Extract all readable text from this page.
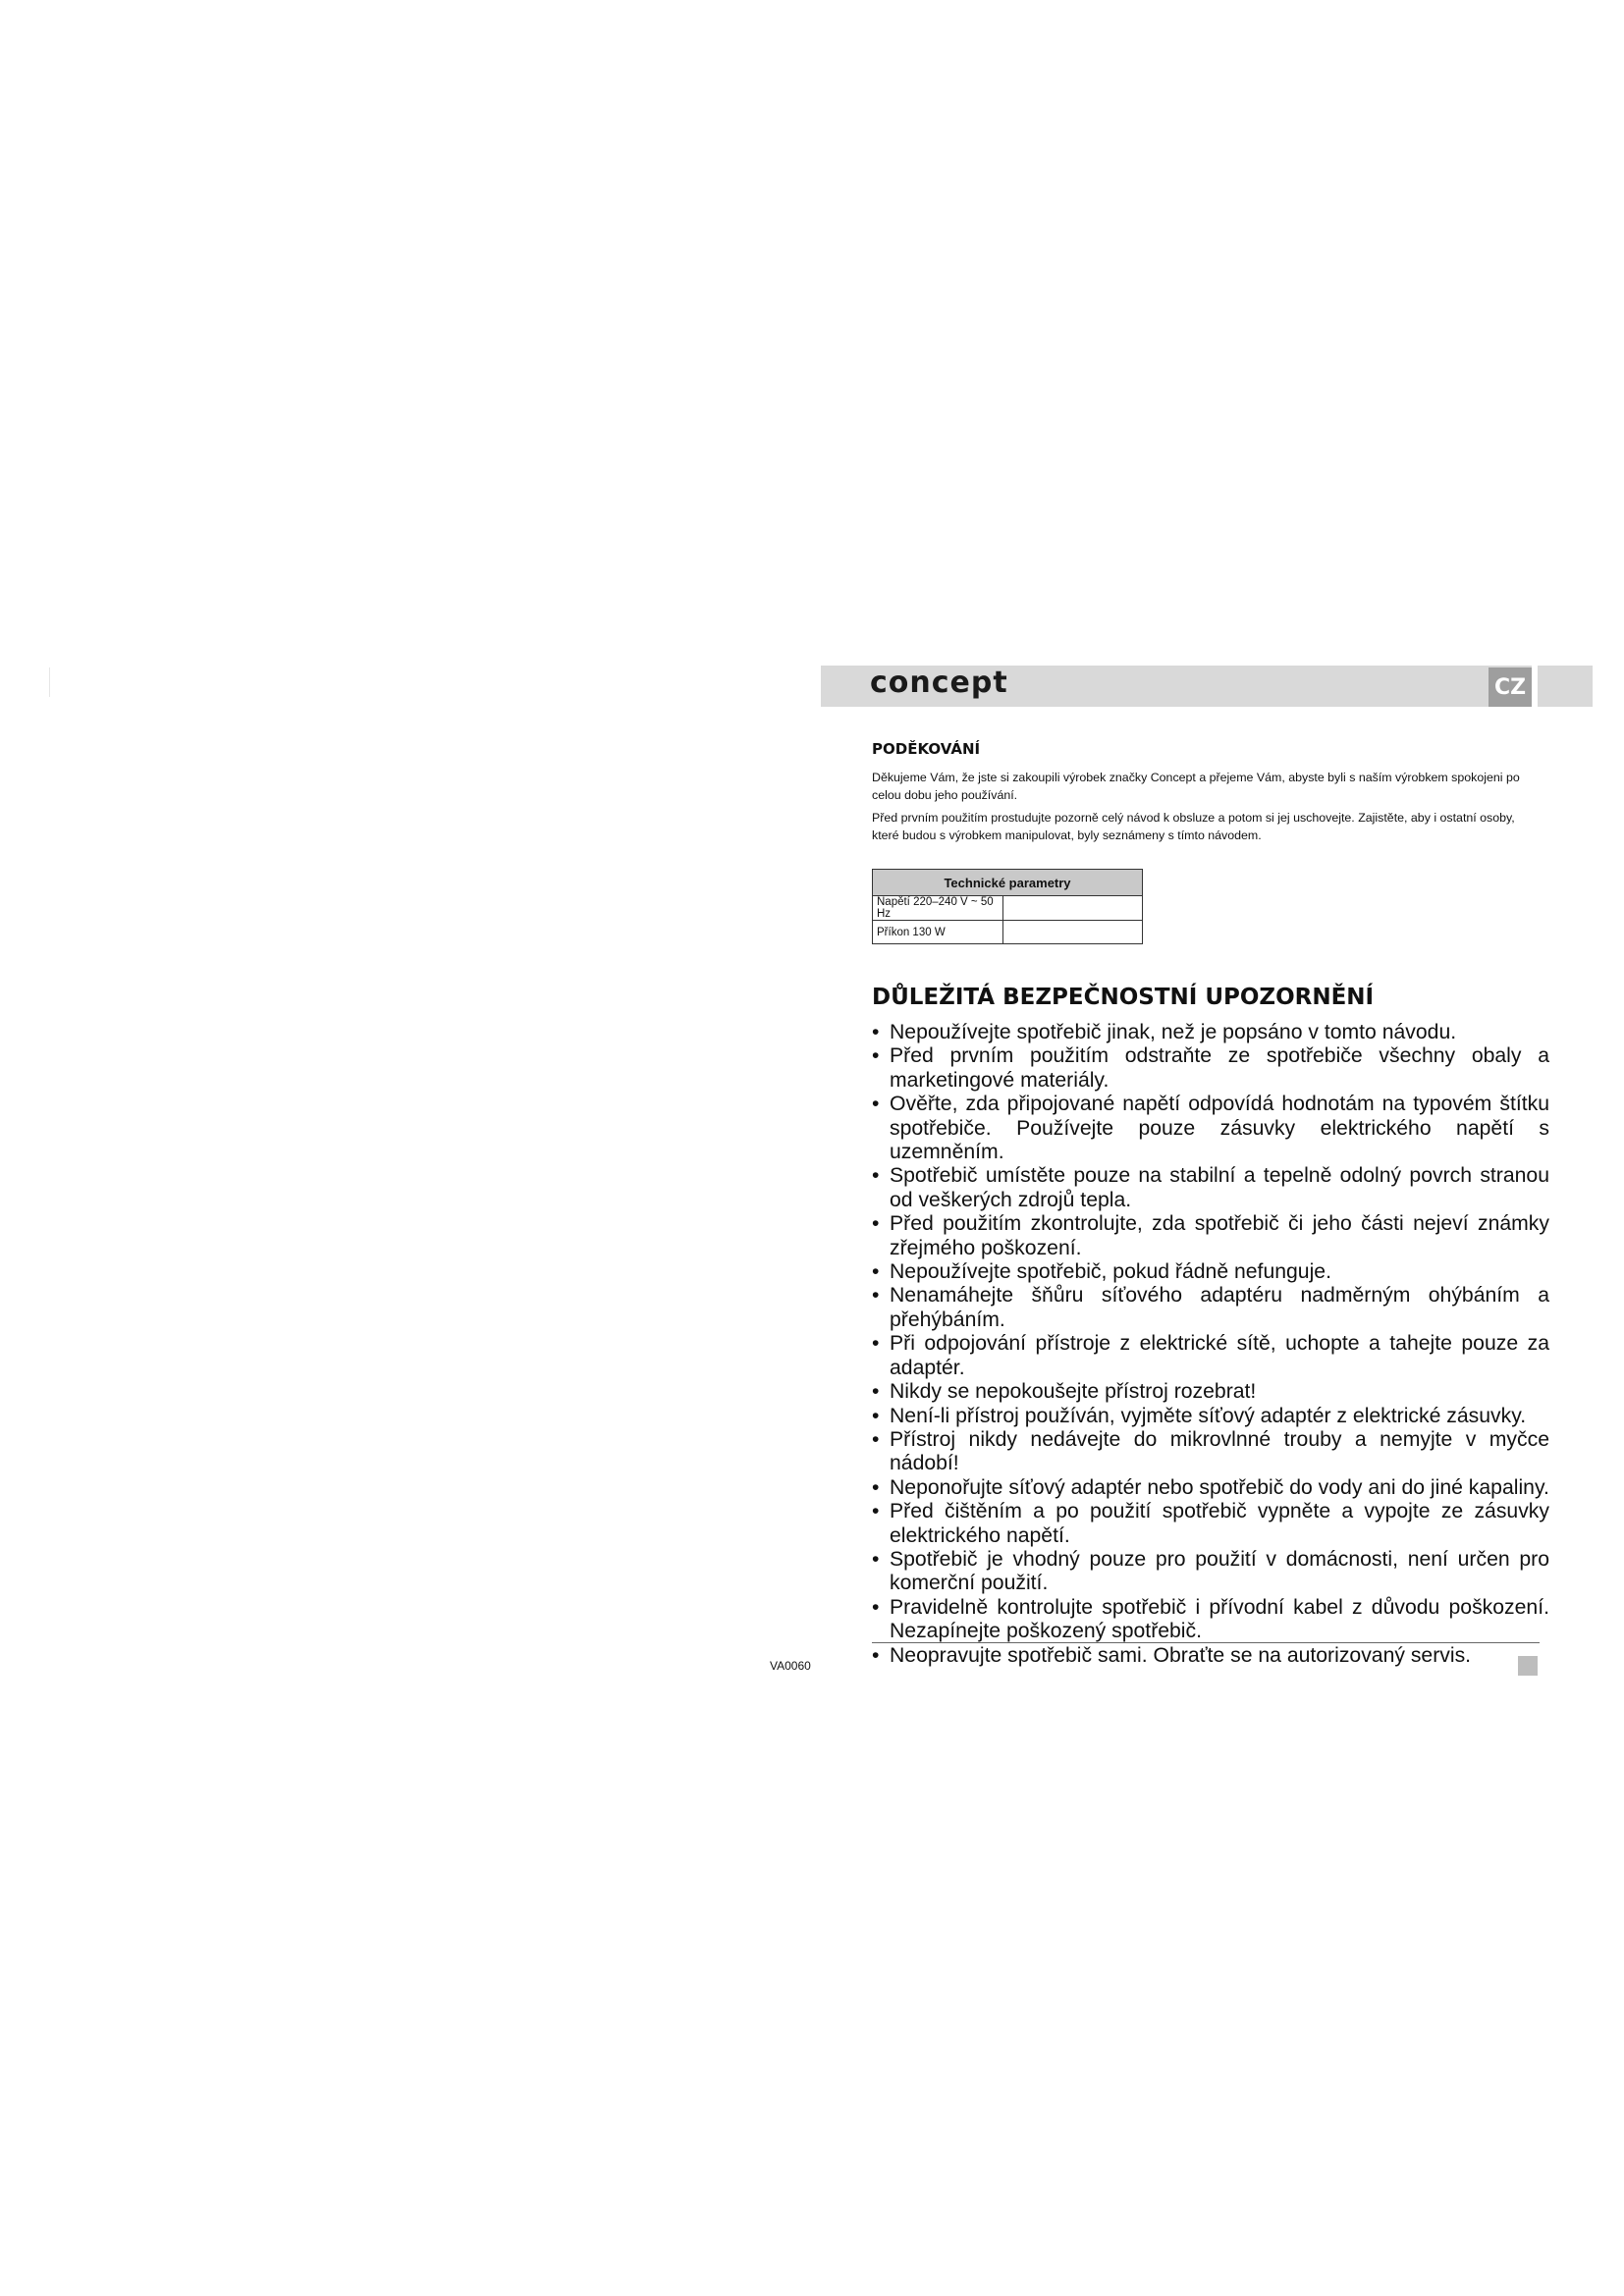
concept	CZ
PODĚKOVÁNÍ

Děkujeme Vám, že jste si zakoupili výrobek značky Concept a přejeme Vám, abyste byli s naším výrobkem spokojeni po celou dobu jeho používání.

Před prvním použitím prostudujte pozorně celý návod k obsluze a potom si jej uschovejte. Zajistěte, aby i ostatní osoby, které budou s výrobkem manipulovat, byly seznámeny s tímto návodem.

Technické parametry	
Napětí 220–240 V ~ 50 Hz	
Příkon 130 W	
DŮLEŽITÁ BEZPEČNOSTNÍ UPOZORNĚNÍ
• Nepoužívejte spotřebič jinak, než je popsáno v tomto návodu.
• Před prvním použitím odstraňte ze spotřebiče všechny obaly a marketingové materiály.
• Ověřte, zda připojované napětí odpovídá hodnotám na typovém štítku spotřebiče. Používejte pouze zásuvky elektrického napětí s uzemněním.
• Spotřebič umístěte pouze na stabilní a tepelně odolný povrch stranou od veškerých zdrojů tepla.
• Před použitím zkontrolujte, zda spotřebič či jeho části nejeví známky zřejmého poškození.
• Nepoužívejte spotřebič, pokud řádně nefunguje.
• Nenamáhejte šňůru síťového adaptéru nadměrným ohýbáním a přehýbáním.
• Při odpojování přístroje z elektrické sítě, uchopte a tahejte pouze za adaptér.
• Nikdy se nepokoušejte přístroj rozebrat!
• Není-li přístroj používán, vyjměte síťový adaptér z elektrické zásuvky.
• Přístroj nikdy nedávejte do mikrovlnné trouby a nemyjte v myčce nádobí!
• Neponořujte síťový adaptér nebo spotřebič do vody ani do jiné kapaliny.
• Před čištěním a po použití spotřebič vypněte a vypojte ze zásuvky elektrického napětí.
• Spotřebič je vhodný pouze pro použití v domácnosti, není určen pro komerční použití.
• Pravidelně kontrolujte spotřebič i přívodní kabel z důvodu poškození. Nezapínejte poškozený spotřebič.
• Neopravujte spotřebič sami. Obraťte se na autorizovaný servis.
VA0060
